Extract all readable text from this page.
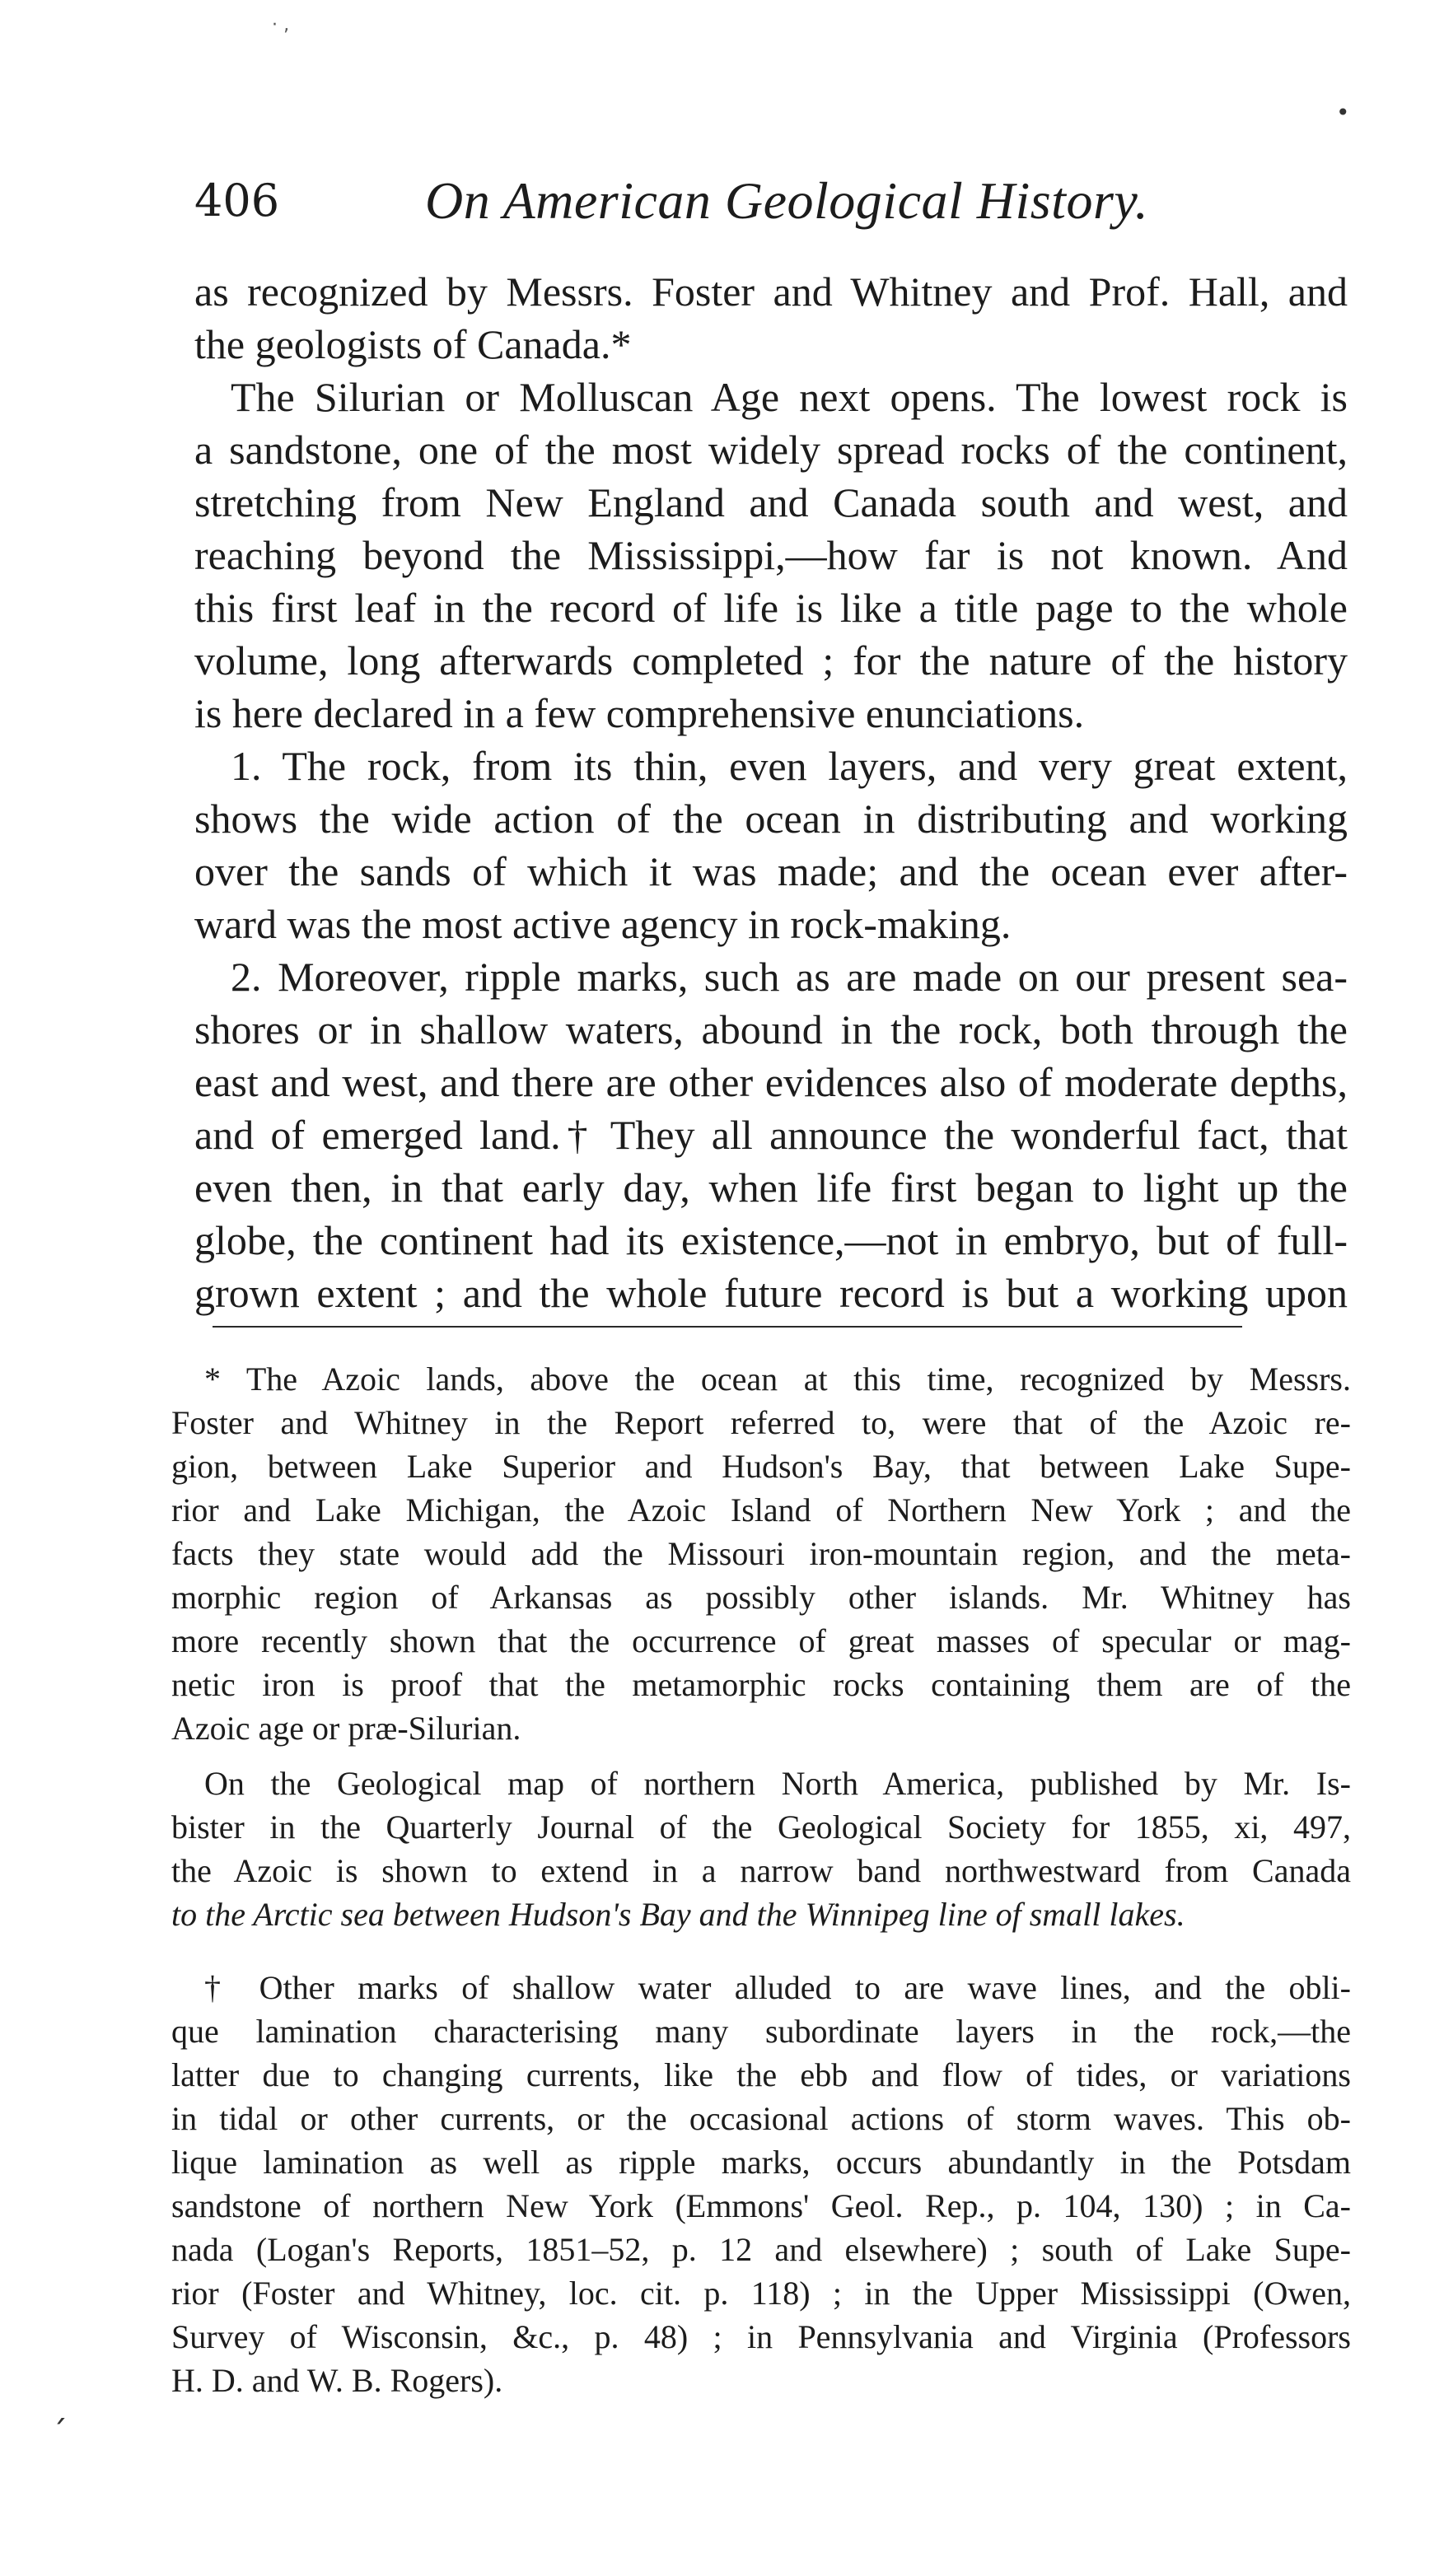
· ‚
•
ˏ
406	On American Geological History.
as recognized by Messrs. Foster and Whitney and Prof. Hall, and
the geologists of Canada.*
The Silurian or Molluscan Age next opens. The lowest rock is
a sandstone, one of the most widely spread rocks of the continent,
stretching from New England and Canada south and west, and
reaching beyond the Mississippi,—how far is not known. And
this first leaf in the record of life is like a title page to the whole
volume, long afterwards completed ; for the nature of the history
is here declared in a few comprehensive enunciations.
1. The rock, from its thin, even layers, and very great extent,
shows the wide action of the ocean in distributing and working
over the sands of which it was made; and the ocean ever after-
ward was the most active agency in rock-making.
2. Moreover, ripple marks, such as are made on our present sea-
shores or in shallow waters, abound in the rock, both through the
east and west, and there are other evidences also of moderate depths,
and of emerged land.† They all announce the wonderful fact, that
even then, in that early day, when life first began to light up the
globe, the continent had its existence,—not in embryo, but of full-
grown extent ; and the whole future record is but a working upon
* The Azoic lands, above the ocean at this time, recognized by Messrs.
Foster and Whitney in the Report referred to, were that of the Azoic re-
gion, between Lake Superior and Hudson's Bay, that between Lake Supe-
rior and Lake Michigan, the Azoic Island of Northern New York ; and the
facts they state would add the Missouri iron-mountain region, and the meta-
morphic region of Arkansas as possibly other islands. Mr. Whitney has
more recently shown that the occurrence of great masses of specular or mag-
netic iron is proof that the metamorphic rocks containing them are of the
Azoic age or præ-Silurian.
On the Geological map of northern North America, published by Mr. Is-
bister in the Quarterly Journal of the Geological Society for 1855, xi, 497,
the Azoic is shown to extend in a narrow band northwestward from Canada
to the Arctic sea between Hudson's Bay and the Winnipeg line of small lakes.
† Other marks of shallow water alluded to are wave lines, and the obli-
que lamination characterising many subordinate layers in the rock,—the
latter due to changing currents, like the ebb and flow of tides, or variations
in tidal or other currents, or the occasional actions of storm waves. This ob-
lique lamination as well as ripple marks, occurs abundantly in the Potsdam
sandstone of northern New York (Emmons' Geol. Rep., p. 104, 130) ; in Ca-
nada (Logan's Reports, 1851–52, p. 12 and elsewhere) ; south of Lake Supe-
rior (Foster and Whitney, loc. cit. p. 118) ; in the Upper Mississippi (Owen,
Survey of Wisconsin, &c., p. 48) ; in Pennsylvania and Virginia (Professors
H. D. and W. B. Rogers).
